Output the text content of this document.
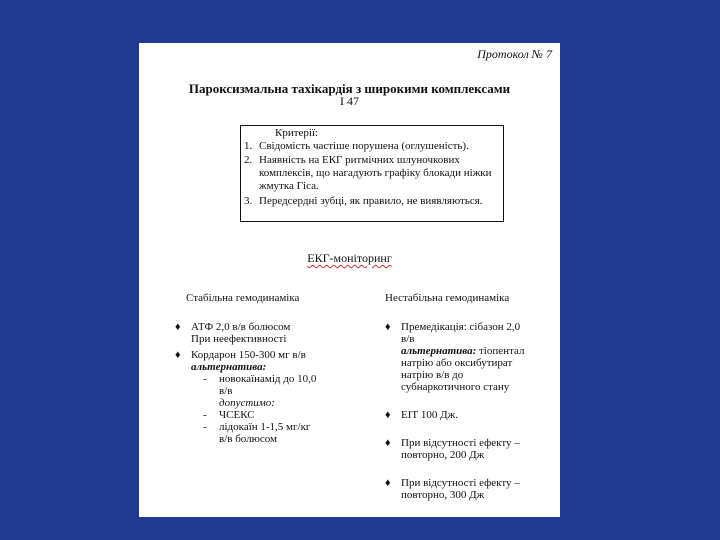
Протокол № 7
Пароксизмальна тахікардія з широкими комплексами
I 47
Критерії:
1. Свідомість частіше порушена (оглушеність).
2. Наявність на ЕКГ ритмічних шлуночкових комплексів, що нагадують графіку блокади ніжки жмутка Гіса.
3. Передсердні зубці, як правило, не виявляються.
ЕКГ-моніторинг
Стабільна гемодинаміка	Нестабільна гемодинаміка
♦ АТФ 2,0 в/в болюсом
При неефективності
♦ Кордарон 150-300 мг в/в
альтернатива:
- новокаїнамід до 10,0
в/в
допустимо:
- ЧСЕКС
- лідокаїн 1-1,5 мг/кг
в/в болюсом
♦ Премедікація: сібазон 2,0
в/в
альтернатива: тіопентал
натрію або оксибутират
натрію в/в до
субнаркотичного стану
♦ ЕІТ 100 Дж.
♦ При відсутності ефекту –
повторно, 200 Дж
♦ При відсутності ефекту –
повторно, 300 Дж
